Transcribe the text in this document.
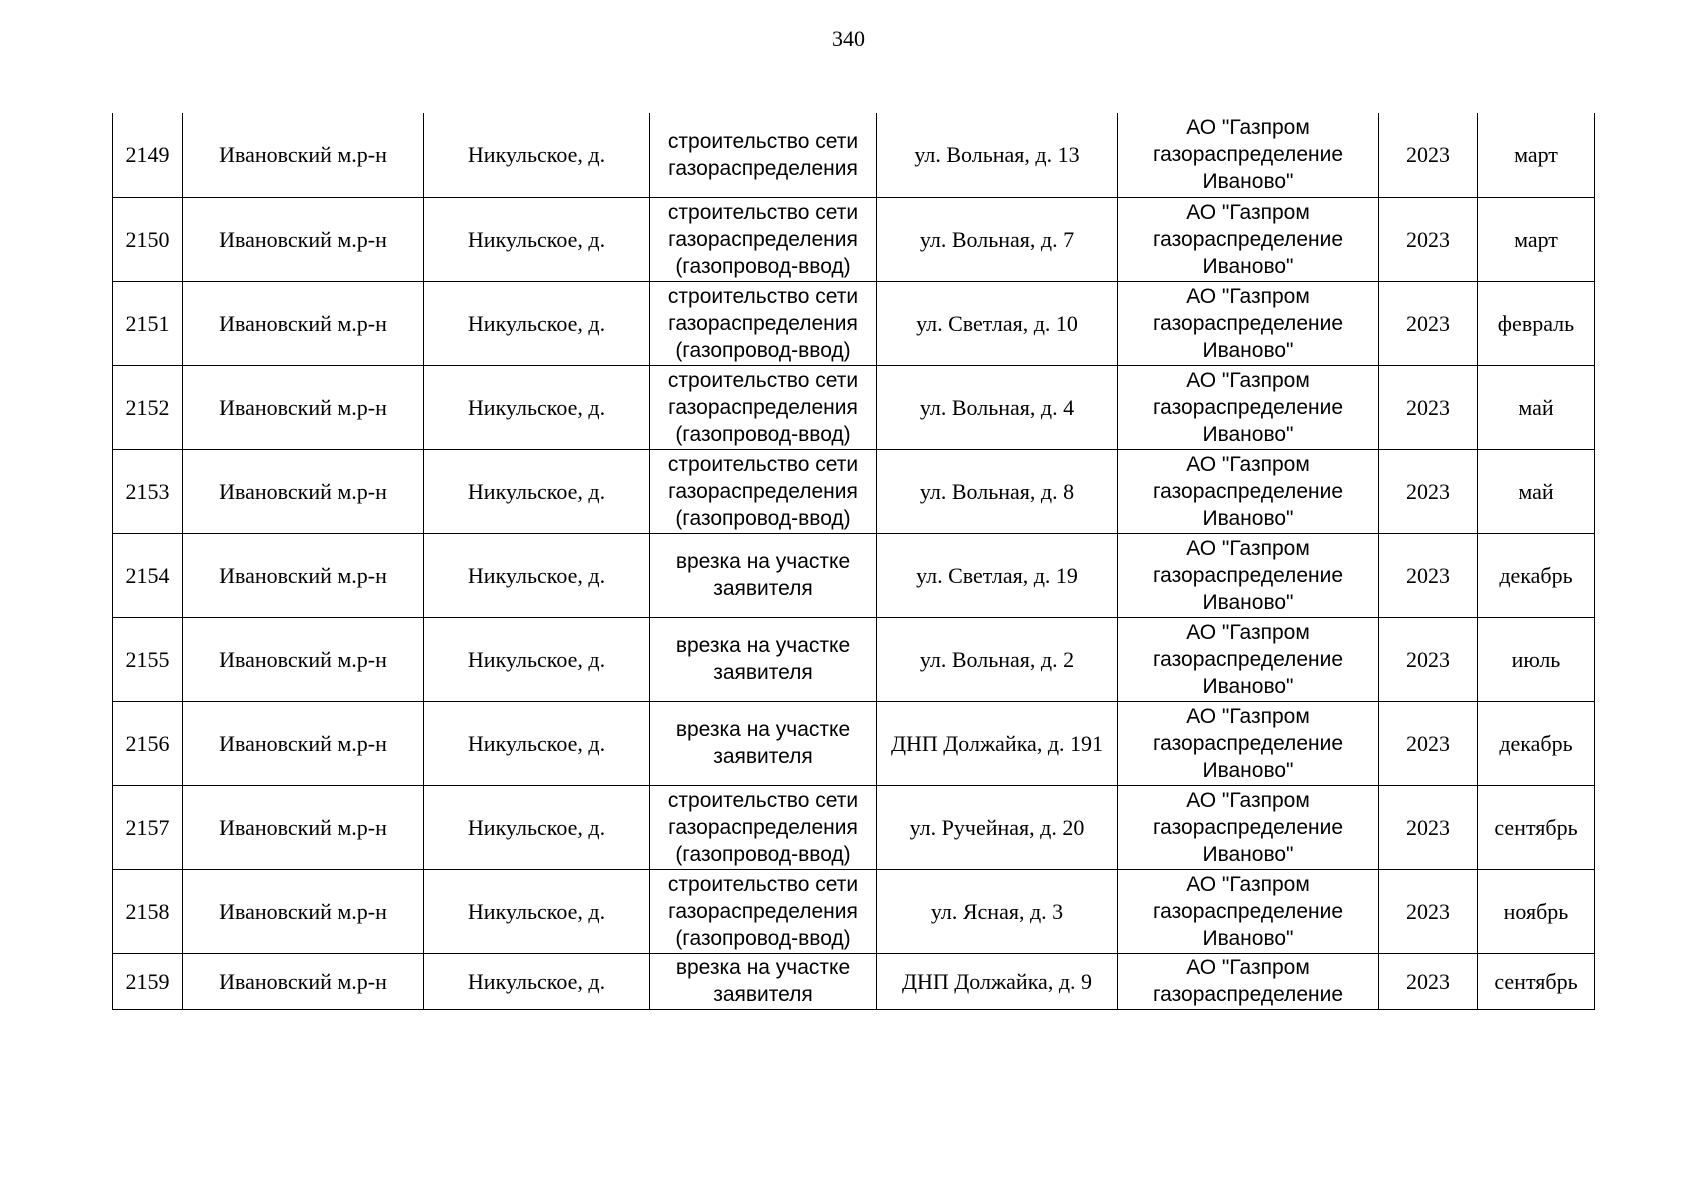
340
2149	Ивановский м.р-н	Никульское, д.	строительство сети газораспределения	ул. Вольная, д. 13	АО "Газпром газораспределение Иваново"	2023	март
2150	Ивановский м.р-н	Никульское, д.	строительство сети газораспределения (газопровод-ввод)	ул. Вольная, д. 7	АО "Газпром газораспределение Иваново"	2023	март
2151	Ивановский м.р-н	Никульское, д.	строительство сети газораспределения (газопровод-ввод)	ул. Светлая, д. 10	АО "Газпром газораспределение Иваново"	2023	февраль
2152	Ивановский м.р-н	Никульское, д.	строительство сети газораспределения (газопровод-ввод)	ул. Вольная, д. 4	АО "Газпром газораспределение Иваново"	2023	май
2153	Ивановский м.р-н	Никульское, д.	строительство сети газораспределения (газопровод-ввод)	ул. Вольная, д. 8	АО "Газпром газораспределение Иваново"	2023	май
2154	Ивановский м.р-н	Никульское, д.	врезка на участке заявителя	ул. Светлая, д. 19	АО "Газпром газораспределение Иваново"	2023	декабрь
2155	Ивановский м.р-н	Никульское, д.	врезка на участке заявителя	ул. Вольная, д. 2	АО "Газпром газораспределение Иваново"	2023	июль
2156	Ивановский м.р-н	Никульское, д.	врезка на участке заявителя	ДНП Должайка, д. 191	АО "Газпром газораспределение Иваново"	2023	декабрь
2157	Ивановский м.р-н	Никульское, д.	строительство сети газораспределения (газопровод-ввод)	ул. Ручейная, д. 20	АО "Газпром газораспределение Иваново"	2023	сентябрь
2158	Ивановский м.р-н	Никульское, д.	строительство сети газораспределения (газопровод-ввод)	ул. Ясная, д. 3	АО "Газпром газораспределение Иваново"	2023	ноябрь
2159	Ивановский м.р-н	Никульское, д.	врезка на участке заявителя	ДНП Должайка, д. 9	АО "Газпром газораспределение	2023	сентябрь
